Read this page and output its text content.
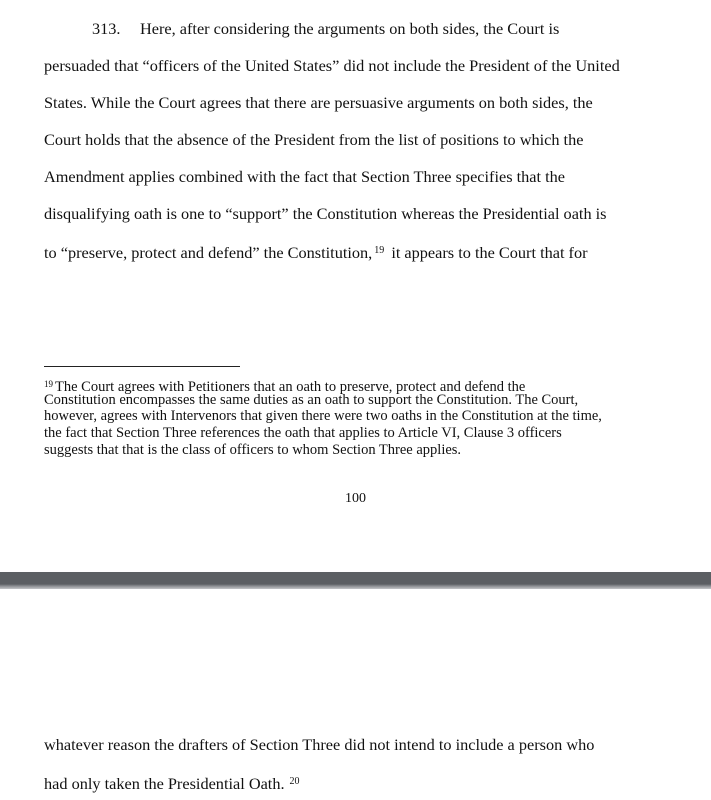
313. Here, after considering the arguments on both sides, the Court is
persuaded that “officers of the United States” did not include the President of the United
States. While the Court agrees that there are persuasive arguments on both sides, the
Court holds that the absence of the President from the list of positions to which the
Amendment applies combined with the fact that Section Three specifies that the
disqualifying oath is one to “support” the Constitution whereas the Presidential oath is
to “preserve, protect and defend” the Constitution, $^{19}$ it appears to the Court that for
$^{19}$ The Court agrees with Petitioners that an oath to preserve, protect and defend the
Constitution encompasses the same duties as an oath to support the Constitution. The Court,
however, agrees with Intervenors that given there were two oaths in the Constitution at the time,
the fact that Section Three references the oath that applies to Article VI, Clause 3 officers
suggests that that is the class of officers to whom Section Three applies.
100
whatever reason the drafters of Section Three did not intend to include a person who
had only taken the Presidential Oath. $^{20}$
